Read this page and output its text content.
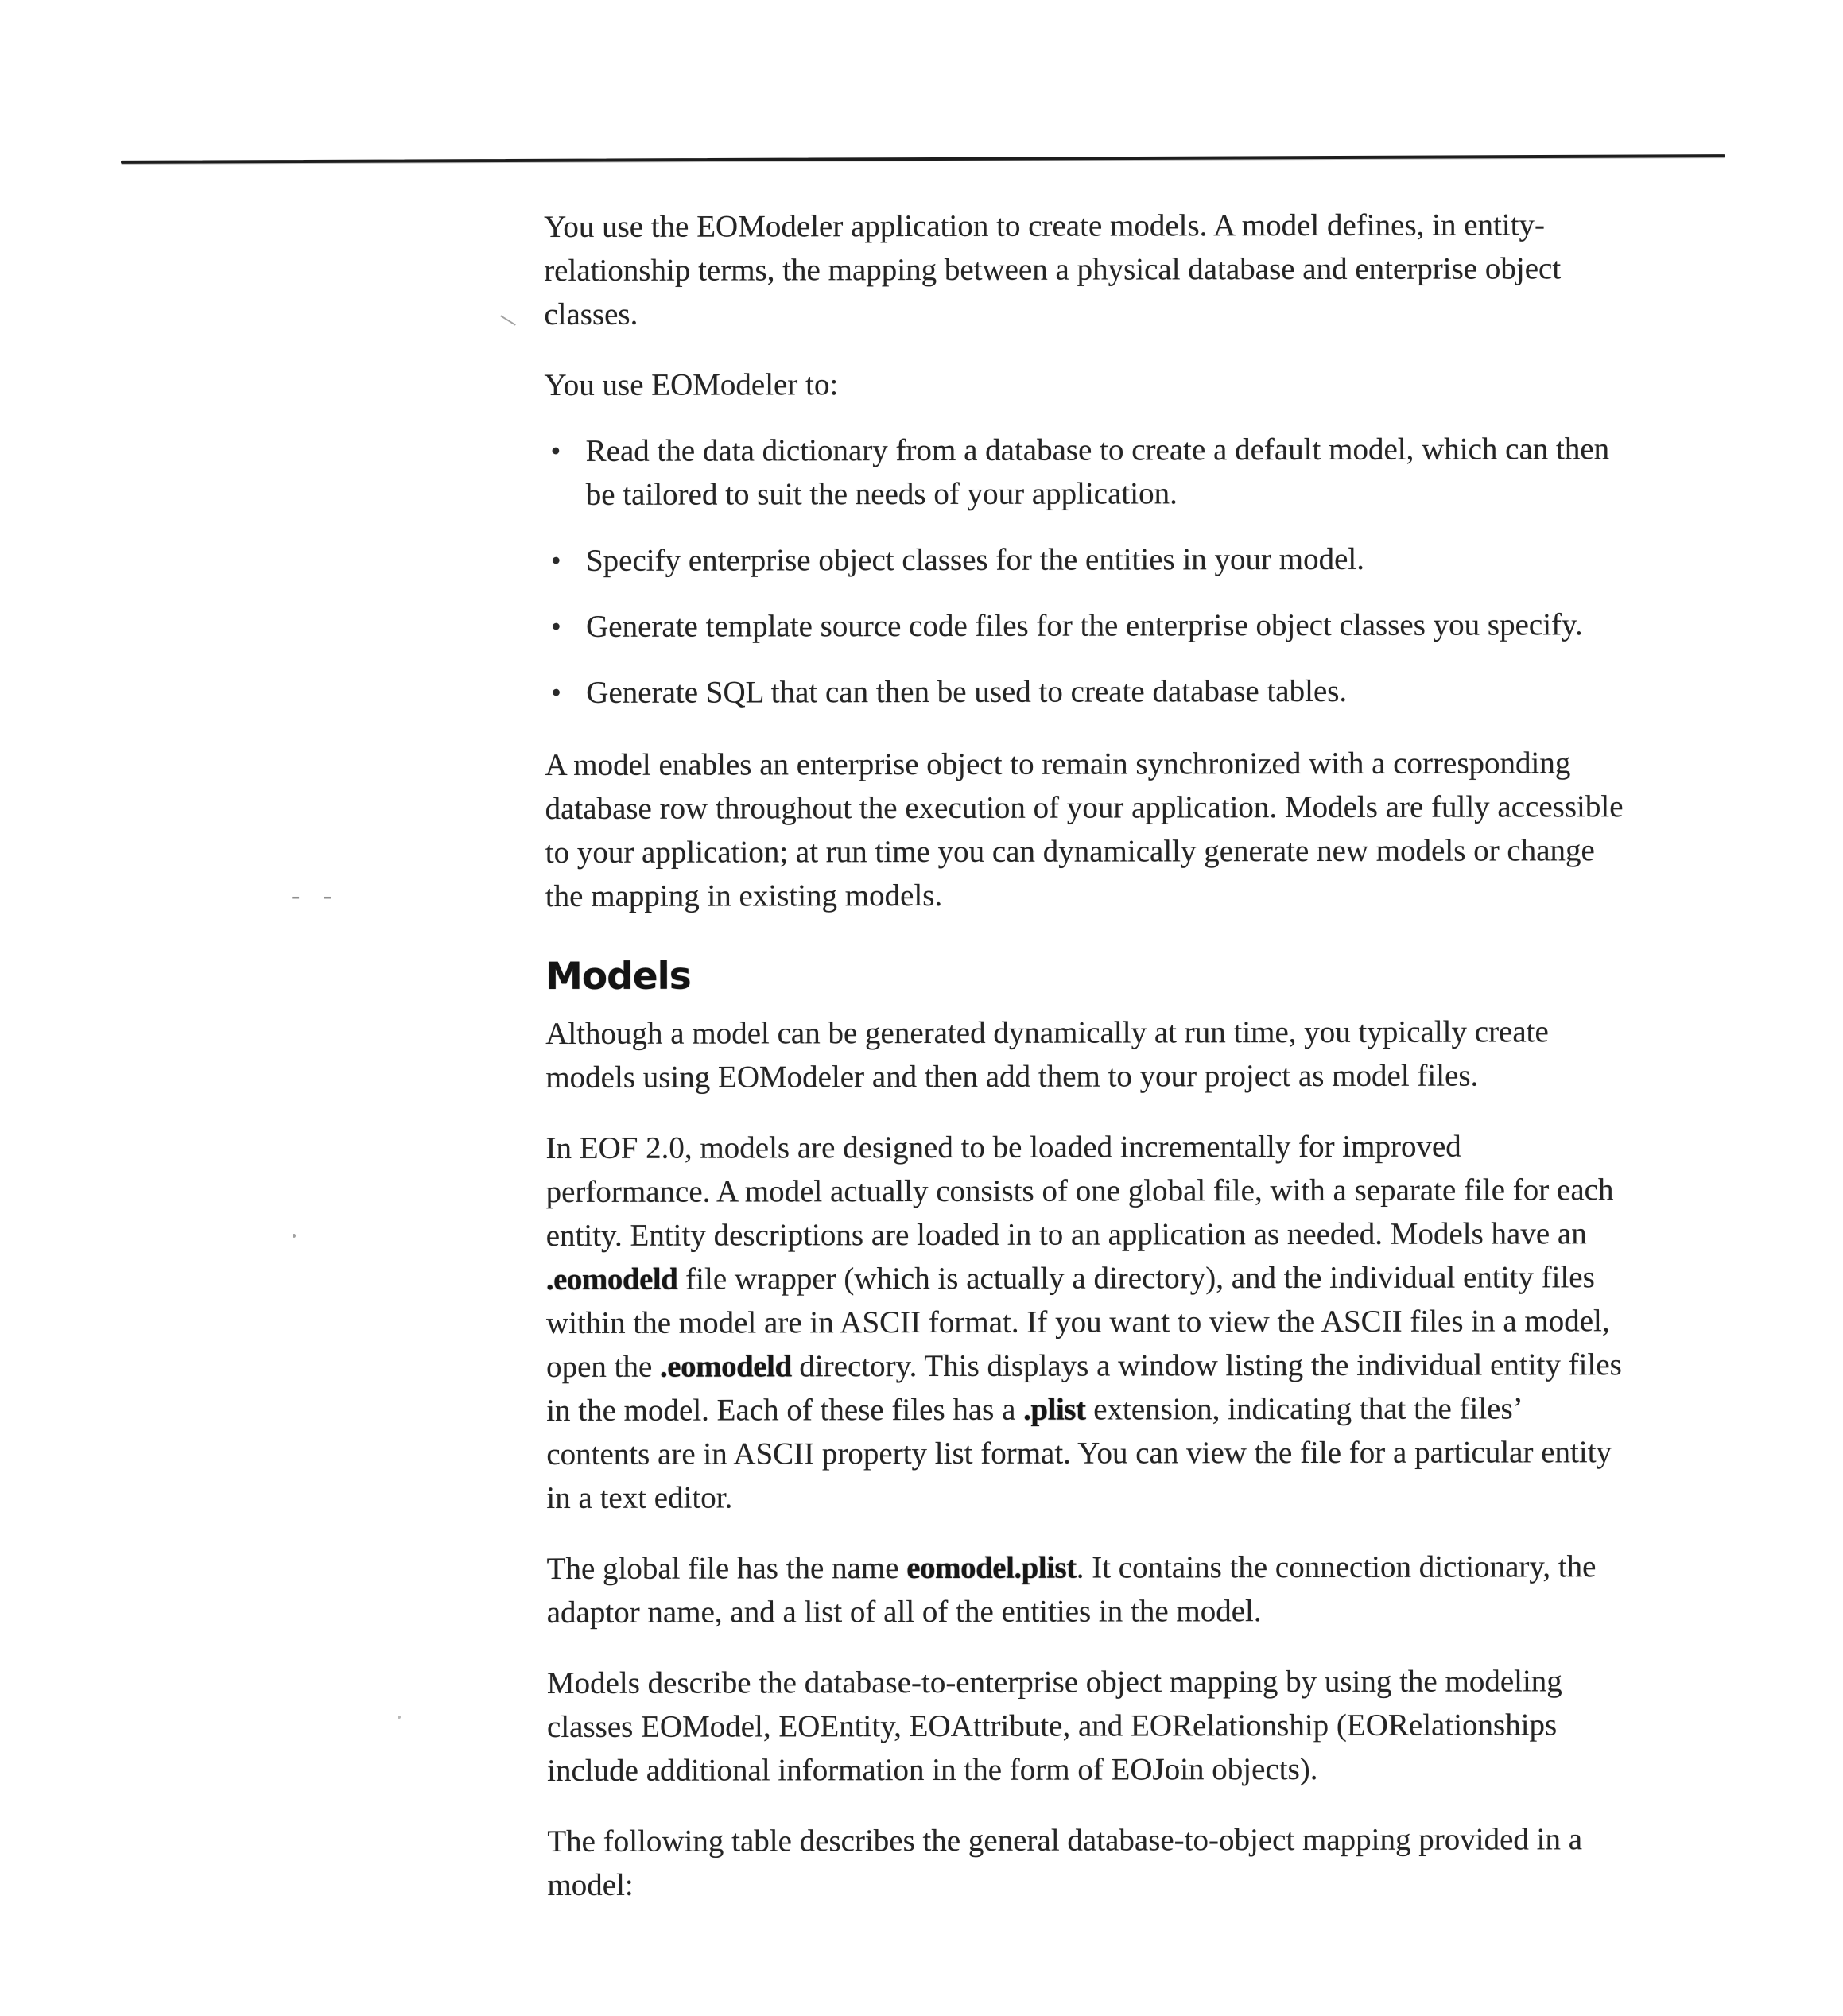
- -

You use the EOModeler application to create models. A model defines, in entity-relationship terms, the mapping between a physical database and enterprise object classes.

You use EOModeler to:

• Read the data dictionary from a database to create a default model, which can then be tailored to suit the needs of your application.
• Specify enterprise object classes for the entities in your model.
• Generate template source code files for the enterprise object classes you specify.
• Generate SQL that can then be used to create database tables.

A model enables an enterprise object to remain synchronized with a corresponding database row throughout the execution of your application. Models are fully accessible to your application; at run time you can dynamically generate new models or change the mapping in existing models.

Models

Although a model can be generated dynamically at run time, you typically create models using EOModeler and then add them to your project as model files.

In EOF 2.0, models are designed to be loaded incrementally for improved performance. A model actually consists of one global file, with a separate file for each entity. Entity descriptions are loaded in to an application as needed. Models have an .eomodeld file wrapper (which is actually a directory), and the individual entity files within the model are in ASCII format. If you want to view the ASCII files in a model, open the .eomodeld directory. This displays a window listing the individual entity files in the model. Each of these files has a .plist extension, indicating that the files’ contents are in ASCII property list format. You can view the file for a particular entity in a text editor.

The global file has the name eomodel.plist. It contains the connection dictionary, the adaptor name, and a list of all of the entities in the model.

Models describe the database-to-enterprise object mapping by using the modeling classes EOModel, EOEntity, EOAttribute, and EORelationship (EORelationships include additional information in the form of EOJoin objects).

The following table describes the general database-to-object mapping provided in a model:
